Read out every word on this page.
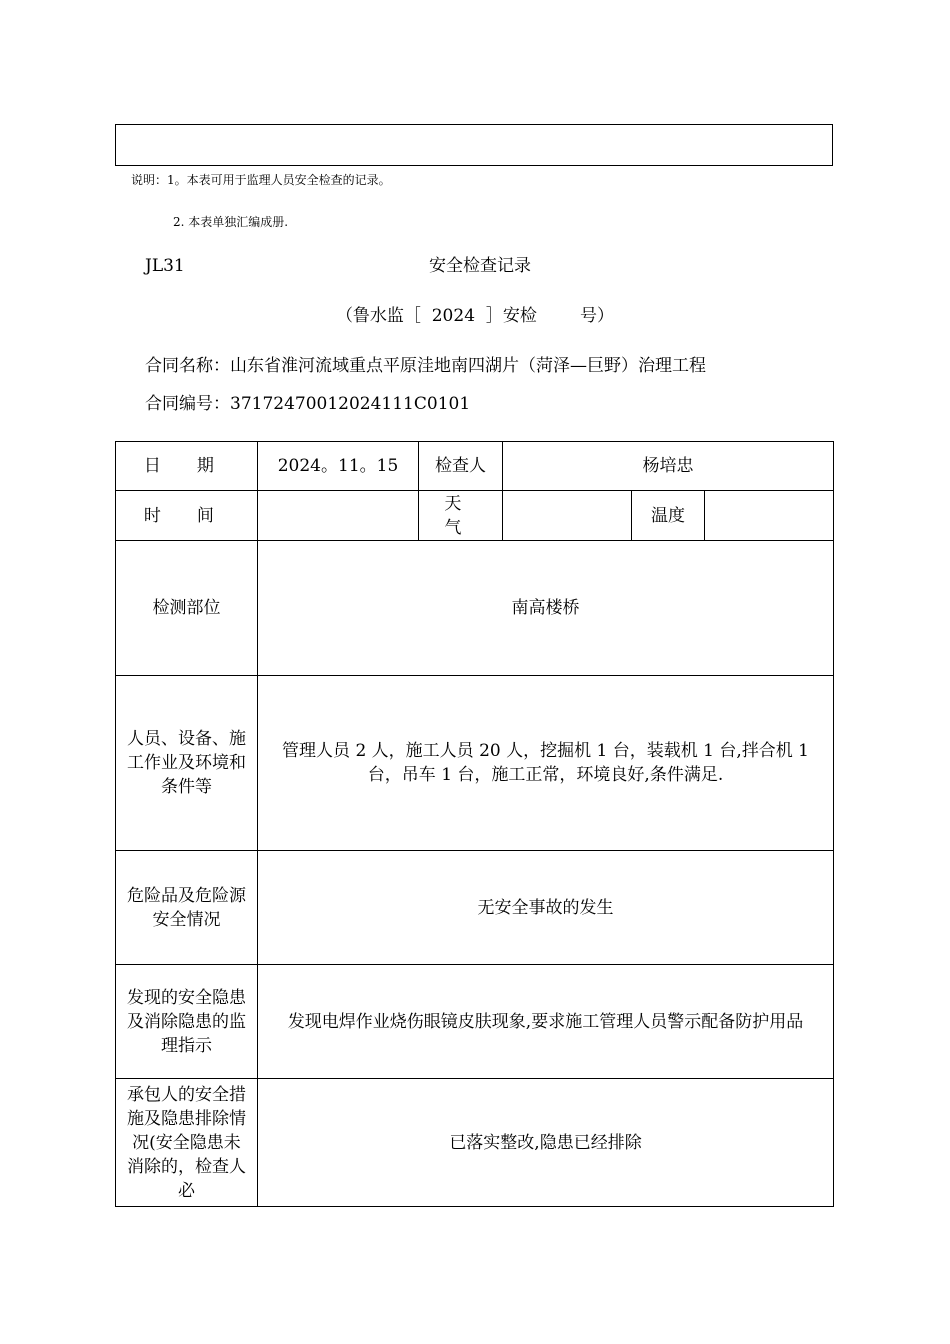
说明：1。本表可用于监理人员安全检查的记录。
2. 本表单独汇编成册.
JL31	安全检查记录
（鲁水监［  2024  ］安检        号）
合同名称：山东省淮河流域重点平原洼地南四湖片（菏泽—巨野）治理工程
合同编号：37172470012024111C0101
日 期	2024。11。15	检查人	杨培忠		
时 间		天 气		温度	
检测部位	南高楼桥				
人员、设备、施工作业及环境和条件等	管理人员 2 人，施工人员 20 人，挖掘机 1 台，装载机 1 台,拌合机 1 台，吊车 1 台，施工正常，环境良好,条件满足.				
危险品及危险源安全情况	无安全事故的发生				
发现的安全隐患及消除隐患的监理指示	发现电焊作业烧伤眼镜皮肤现象,要求施工管理人员警示配备防护用品				
承包人的安全措施及隐患排除情况(安全隐患未消除的，检查人必	已落实整改,隐患已经排除				
